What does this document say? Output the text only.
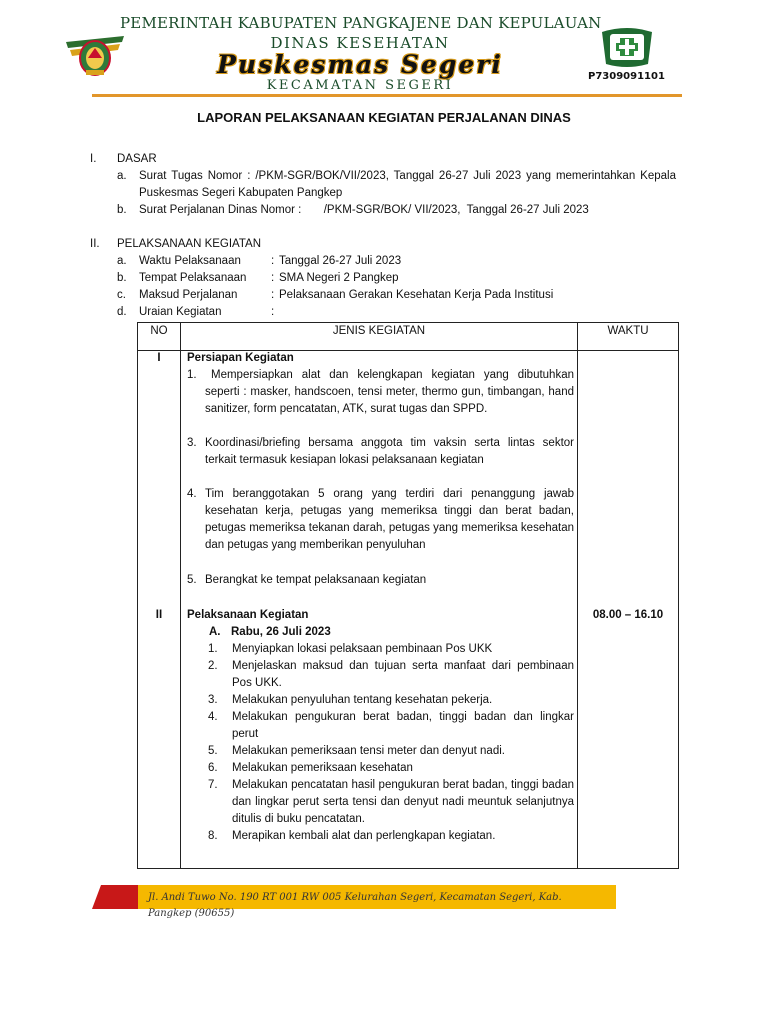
PEMERINTAH KABUPATEN PANGKAJENE DAN KEPULAUAN
DINAS KESEHATAN
Puskesmas Segeri
KECAMATAN SEGERI
P7309091101
LAPORAN PELAKSANAAN KEGIATAN PERJALANAN DINAS
I. DASAR
a. Surat Tugas Nomor : /PKM-SGR/BOK/VII/2023, Tanggal 26-27 Juli 2023 yang memerintahkan Kepala Puskesmas Segeri Kabupaten Pangkep
b. Surat Perjalanan Dinas Nomor :       /PKM-SGR/BOK/ VII/2023,  Tanggal 26-27 Juli 2023
II. PELAKSANAAN KEGIATAN
a. Waktu Pelaksanaan	: Tanggal 26-27 Juli 2023
b. Tempat Pelaksanaan : SMA Negeri 2 Pangkep
c. Maksud Perjalanan	: Pelaksanaan Gerakan Kesehatan Kerja Pada Institusi
d. Uraian Kegiatan	:
NO	JENIS KEGIATAN	WAKTU
I	Persiapan Kegiatan
1.	Mempersiapkan alat dan kelengkapan kegiatan yang dibutuhkan seperti : masker, handscoen, tensi meter, thermo gun, timbangan, hand sanitizer, form pencatatan, ATK, surat tugas dan SPPD.
3. Koordinasi/briefing bersama anggota tim vaksin serta lintas sektor terkait termasuk kesiapan lokasi pelaksanaan kegiatan
4. Tim beranggotakan 5 orang yang terdiri dari penanggung jawab kesehatan kerja, petugas yang memeriksa tinggi dan berat badan, petugas memeriksa tekanan darah, petugas yang memeriksa kesehatan dan petugas yang memberikan penyuluhan
5. Berangkat ke tempat pelaksanaan kegiatan
II	Pelaksanaan Kegiatan	08.00 – 16.10
A. Rabu, 26 Juli 2023
1. Menyiapkan lokasi pelaksaan pembinaan Pos UKK
2. Menjelaskan maksud dan tujuan serta manfaat dari pembinaan Pos UKK.
3. Melakukan penyuluhan tentang kesehatan pekerja.
4. Melakukan pengukuran berat badan, tinggi badan dan lingkar perut
5. Melakukan pemeriksaan tensi meter dan denyut nadi.
6. Melakukan pemeriksaan kesehatan
7. Melakukan pencatatan hasil pengukuran berat badan, tinggi badan dan lingkar perut serta tensi dan denyut nadi meuntuk selanjutnya ditulis di buku pencatatan.
8. Merapikan kembali alat dan perlengkapan kegiatan.
Jl. Andi Tuwo No. 190 RT 001 RW 005 Kelurahan Segeri, Kecamatan Segeri, Kab. Pangkep (90655)
